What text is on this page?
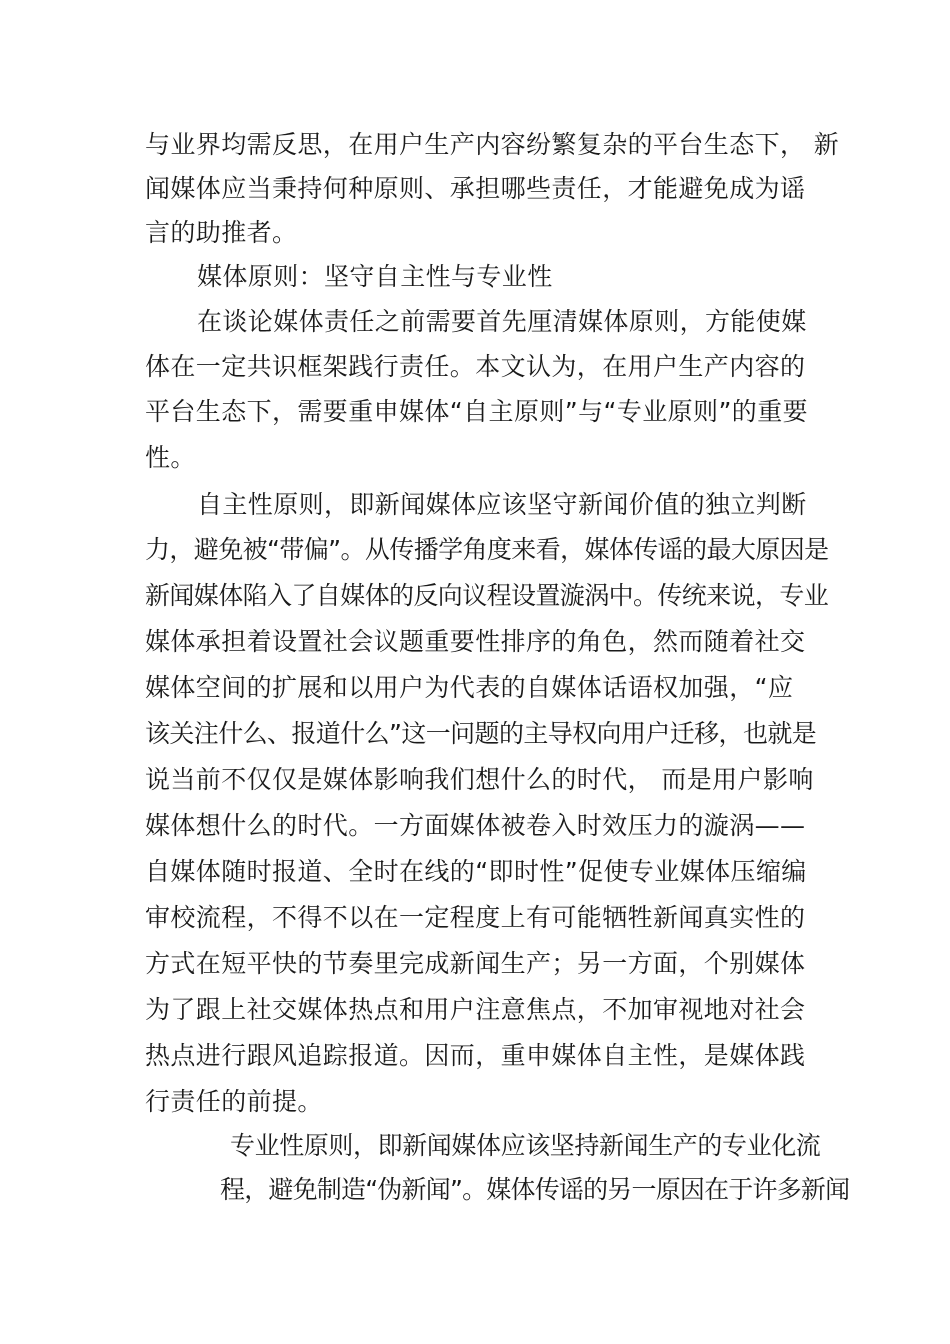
与业界均需反思，在用户生产内容纷繁复杂的平台生态下， 新
闻媒体应当秉持何种原则、承担哪些责任，才能避免成为谣
言的助推者。
媒体原则：坚守自主性与专业性
在谈论媒体责任之前需要首先厘清媒体原则，方能使媒
体在一定共识框架践行责任。本文认为，在用户生产内容的
平台生态下，需要重申媒体“自主原则”与“专业原则”的重要
性。
自主性原则，即新闻媒体应该坚守新闻价值的独立判断
力，避免被“带偏”。从传播学角度来看，媒体传谣的最大原因是
新闻媒体陷入了自媒体的反向议程设置漩涡中。传统来说，专业
媒体承担着设置社会议题重要性排序的角色，然而随着社交
媒体空间的扩展和以用户为代表的自媒体话语权加强，“应
该关注什么、报道什么”这一问题的主导权向用户迁移，也就是
说当前不仅仅是媒体影响我们想什么的时代， 而是用户影响
媒体想什么的时代。一方面媒体被卷入时效压力的漩涡——
自媒体随时报道、全时在线的“即时性”促使专业媒体压缩编
审校流程，不得不以在一定程度上有可能牺牲新闻真实性的
方式在短平快的节奏里完成新闻生产；另一方面，个别媒体
为了跟上社交媒体热点和用户注意焦点，不加审视地对社会
热点进行跟风追踪报道。因而，重申媒体自主性，是媒体践
行责任的前提。
专业性原则，即新闻媒体应该坚持新闻生产的专业化流
程，避免制造“伪新闻”。媒体传谣的另一原因在于许多新闻
